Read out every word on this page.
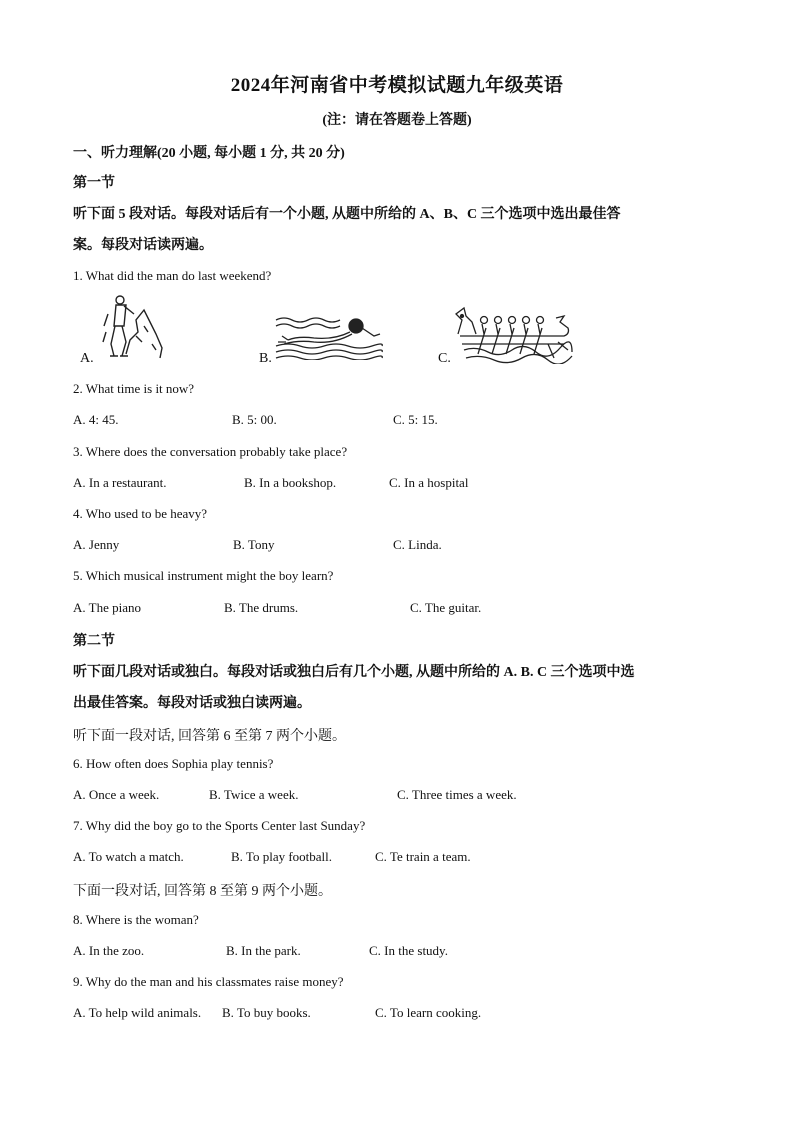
2024年河南省中考模拟试题九年级英语
(注：请在答题卷上答题)
一、听力理解(20 小题, 每小题 1 分, 共 20 分)
第一节
听下面 5 段对话。每段对话后有一个小题, 从题中所给的 A、B、C 三个选项中选出最佳答
案。每段对话读两遍。
1. What did the man do last weekend?
A.	B.	C.
2. What time is it now?
A. 4: 45.	B. 5: 00.	C. 5: 15.
3. Where does the conversation probably take place?
A. In a restaurant.	B. In a bookshop.	C. In a hospital
4. Who used to be heavy?
A. Jenny	B. Tony	C. Linda.
5. Which musical instrument might the boy learn?
A. The piano	B. The drums.	C. The guitar.
第二节
听下面几段对话或独白。每段对话或独白后有几个小题, 从题中所给的 A. B. C 三个选项中选
出最佳答案。每段对话或独白读两遍。
听下面一段对话, 回答第 6 至第 7 两个小题。
6. How often does Sophia play tennis?
A. Once a week.	B. Twice a week.	C. Three times a week.
7. Why did the boy go to the Sports Center last Sunday?
A. To watch a match.	B. To play football.	C. Te train a team.
下面一段对话, 回答第 8 至第 9 两个小题。
8. Where is the woman?
A. In the zoo.	B. In the park.	C. In the study.
9. Why do the man and his classmates raise money?
A. To help wild animals. B. To buy books.	C. To learn cooking.
